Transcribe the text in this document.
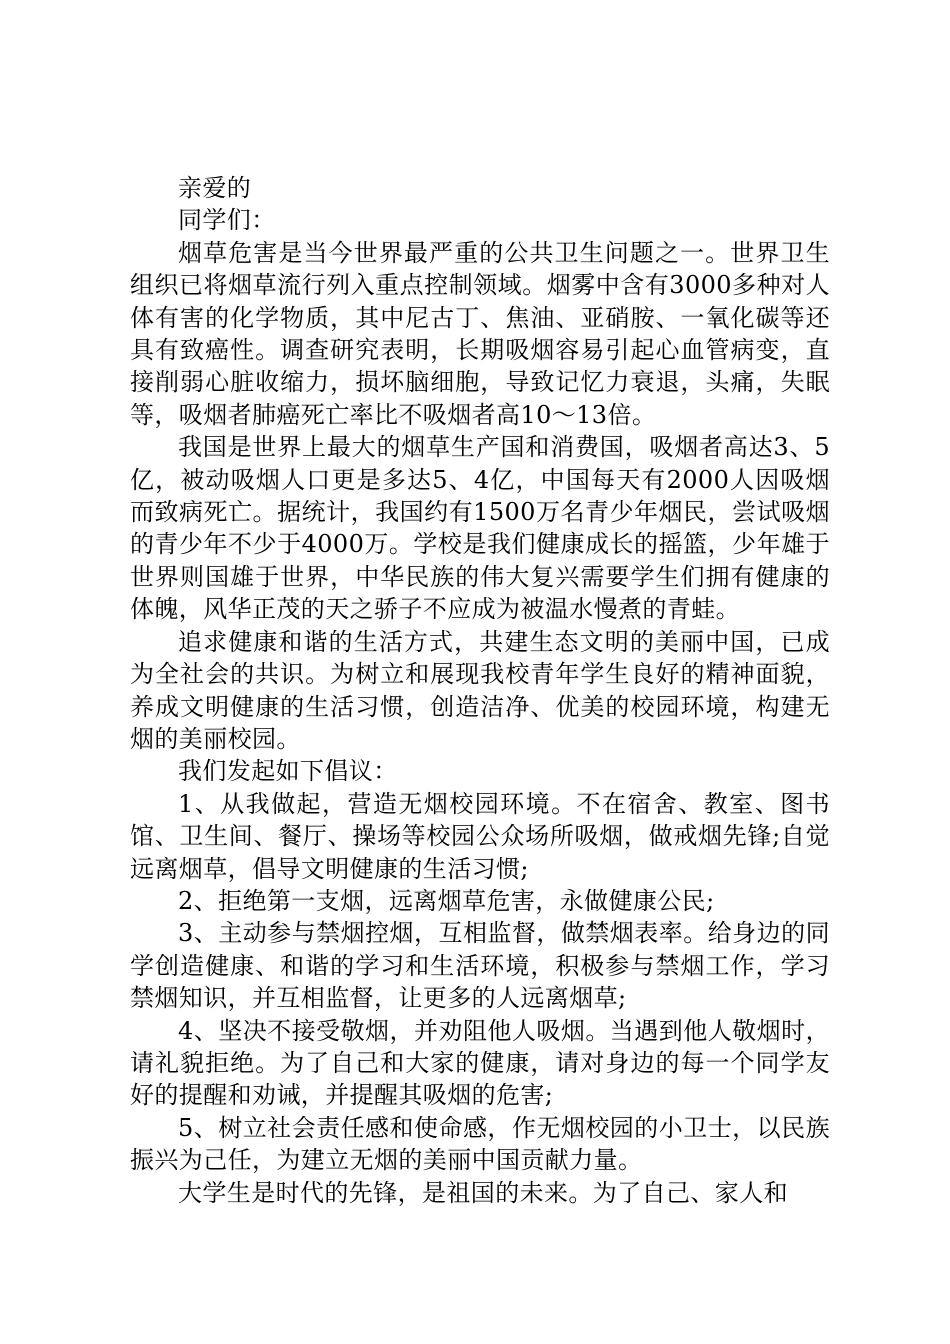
亲爱的

同学们：

烟草危害是当今世界最严重的公共卫生问题之一。世界卫生组织已将烟草流行列入重点控制领域。烟雾中含有3000多种对人体有害的化学物质，其中尼古丁、焦油、亚硝胺、一氧化碳等还具有致癌性。调查研究表明，长期吸烟容易引起心血管病变，直接削弱心脏收缩力，损坏脑细胞，导致记忆力衰退，头痛，失眠等，吸烟者肺癌死亡率比不吸烟者高10～13倍。

我国是世界上最大的烟草生产国和消费国，吸烟者高达3、5亿，被动吸烟人口更是多达5、4亿，中国每天有2000人因吸烟而致病死亡。据统计，我国约有1500万名青少年烟民，尝试吸烟的青少年不少于4000万。学校是我们健康成长的摇篮，少年雄于世界则国雄于世界，中华民族的伟大复兴需要学生们拥有健康的体魄，风华正茂的天之骄子不应成为被温水慢煮的青蛙。

追求健康和谐的生活方式，共建生态文明的美丽中国，已成为全社会的共识。为树立和展现我校青年学生良好的精神面貌，养成文明健康的生活习惯，创造洁净、优美的校园环境，构建无烟的美丽校园。

我们发起如下倡议：

1、从我做起，营造无烟校园环境。不在宿舍、教室、图书馆、卫生间、餐厅、操场等校园公众场所吸烟，做戒烟先锋;自觉远离烟草，倡导文明健康的生活习惯;

2、拒绝第一支烟，远离烟草危害，永做健康公民;

3、主动参与禁烟控烟，互相监督，做禁烟表率。给身边的同学创造健康、和谐的学习和生活环境，积极参与禁烟工作，学习禁烟知识，并互相监督，让更多的人远离烟草;

4、坚决不接受敬烟，并劝阻他人吸烟。当遇到他人敬烟时，请礼貌拒绝。为了自己和大家的健康，请对身边的每一个同学友好的提醒和劝诫，并提醒其吸烟的危害;

5、树立社会责任感和使命感，作无烟校园的小卫士，以民族振兴为己任，为建立无烟的美丽中国贡献力量。

大学生是时代的先锋，是祖国的未来。为了自己、家人和
